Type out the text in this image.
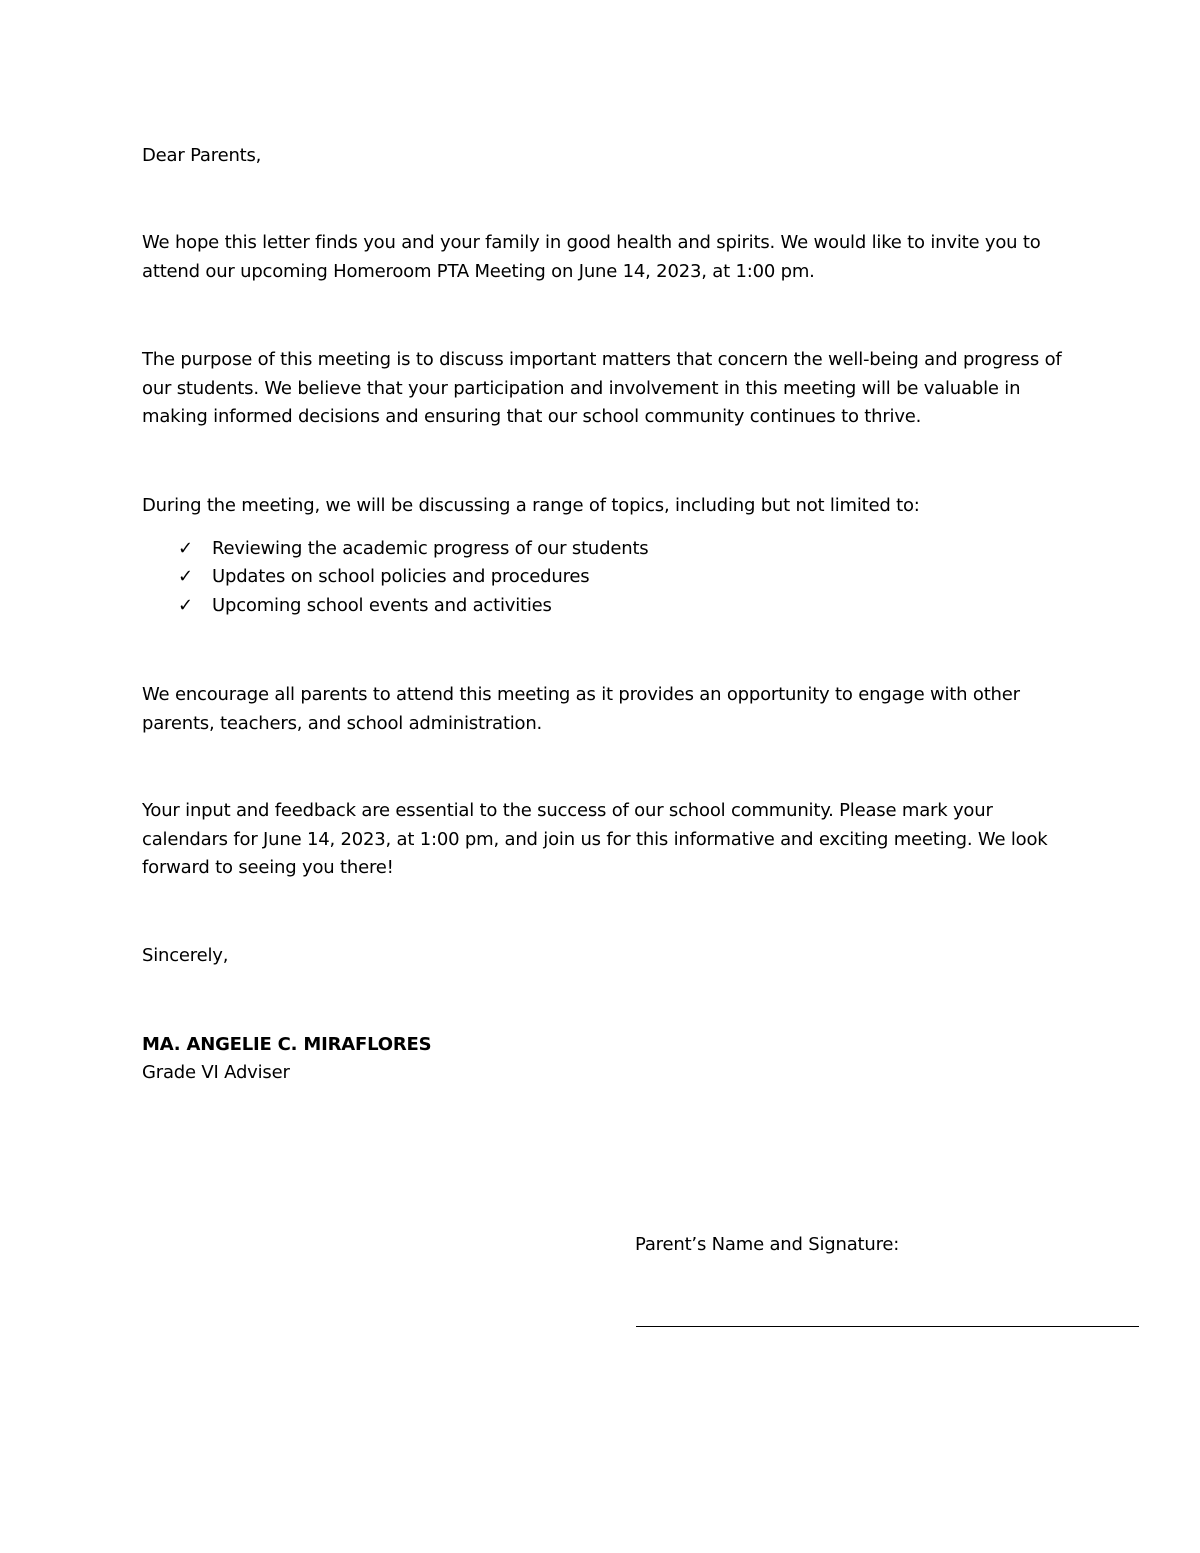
Dear Parents,
We hope this letter finds you and your family in good health and spirits. We would like to invite you to
attend our upcoming Homeroom PTA Meeting on June 14, 2023, at 1:00 pm.
The purpose of this meeting is to discuss important matters that concern the well-being and progress of
our students. We believe that your participation and involvement in this meeting will be valuable in
making informed decisions and ensuring that our school community continues to thrive.
During the meeting, we will be discussing a range of topics, including but not limited to:
✓ Reviewing the academic progress of our students
✓ Updates on school policies and procedures
✓ Upcoming school events and activities
We encourage all parents to attend this meeting as it provides an opportunity to engage with other
parents, teachers, and school administration.
Your input and feedback are essential to the success of our school community. Please mark your
calendars for June 14, 2023, at 1:00 pm, and join us for this informative and exciting meeting. We look
forward to seeing you there!
Sincerely,
MA. ANGELIE C. MIRAFLORES
Grade VI Adviser
Parent’s Name and Signature:
